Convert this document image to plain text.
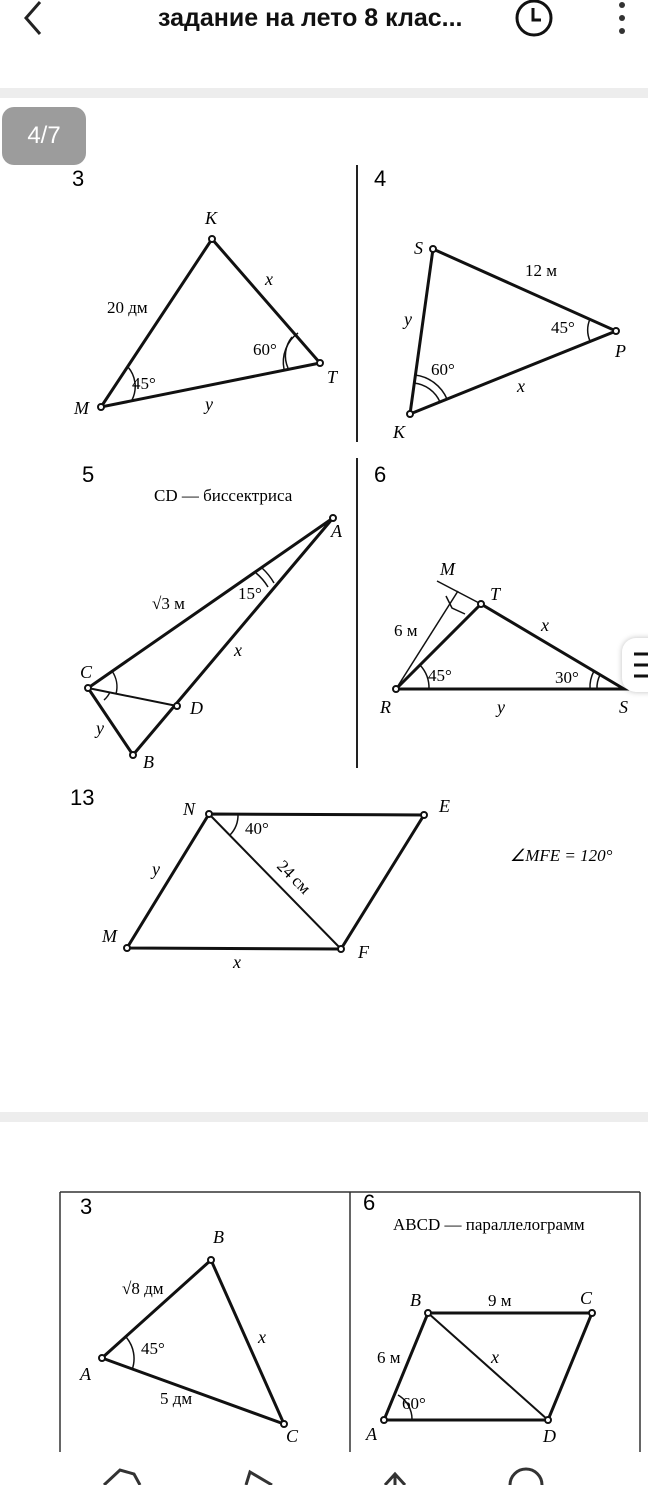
задание на лето 8 клас...
3
K
M
T
20 дм
x
y
45°
60°
4
S
P
K
12 м
y
x
45°
60°
5
CD — биссектриса
A
C
D
B
√3 м
x
y
15°
6
M
T
R	S
6 м	x
y
45°	30°
13	N	E
M
F
y	24 см
x
40°
∠MFE = 120°
3
B
A
C
√8 дм
x
5 дм
45°
6
ABCD — параллелограмм
B	C
A	D
9 м
6 м	x
60°
4/7
